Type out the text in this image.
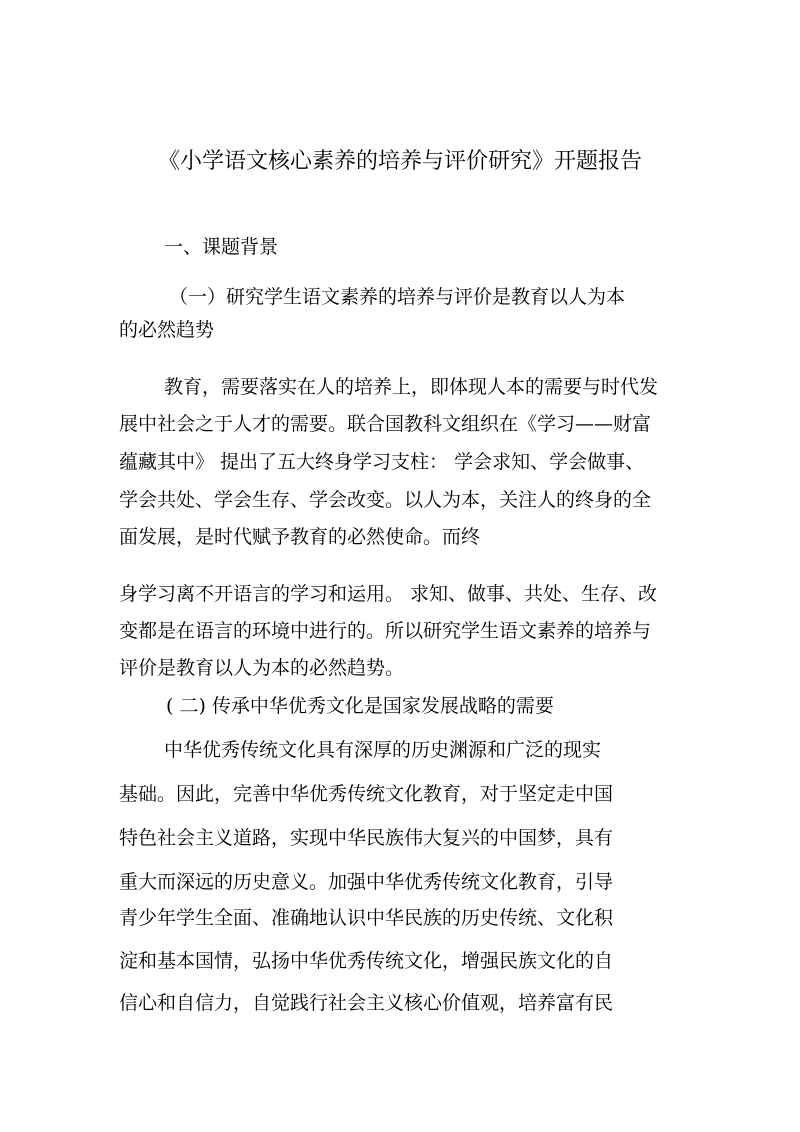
《小学语文核心素养的培养与评价研究》开题报告
一、课题背景
（一）研究学生语文素养的培养与评价是教育以人为本
的必然趋势
教育，需要落实在人的培养上，即体现人本的需要与时代发
展中社会之于人才的需要。联合国教科文组织在《学习——财富
蕴藏其中》 提出了五大终身学习支柱： 学会求知、学会做事、
学会共处、学会生存、学会改变。以人为本，关注人的终身的全
面发展，是时代赋予教育的必然使命。而终
身学习离不开语言的学习和运用。 求知、做事、共处、生存、改
变都是在语言的环境中进行的。所以研究学生语文素养的培养与
评价是教育以人为本的必然趋势。
( 二) 传承中华优秀文化是国家发展战略的需要
中华优秀传统文化具有深厚的历史渊源和广泛的现实
基础。因此，完善中华优秀传统文化教育，对于坚定走中国
特色社会主义道路，实现中华民族伟大复兴的中国梦，具有
重大而深远的历史意义。加强中华优秀传统文化教育，引导
青少年学生全面、准确地认识中华民族的历史传统、文化积
淀和基本国情，弘扬中华优秀传统文化，增强民族文化的自
信心和自信力，自觉践行社会主义核心价值观，培养富有民
